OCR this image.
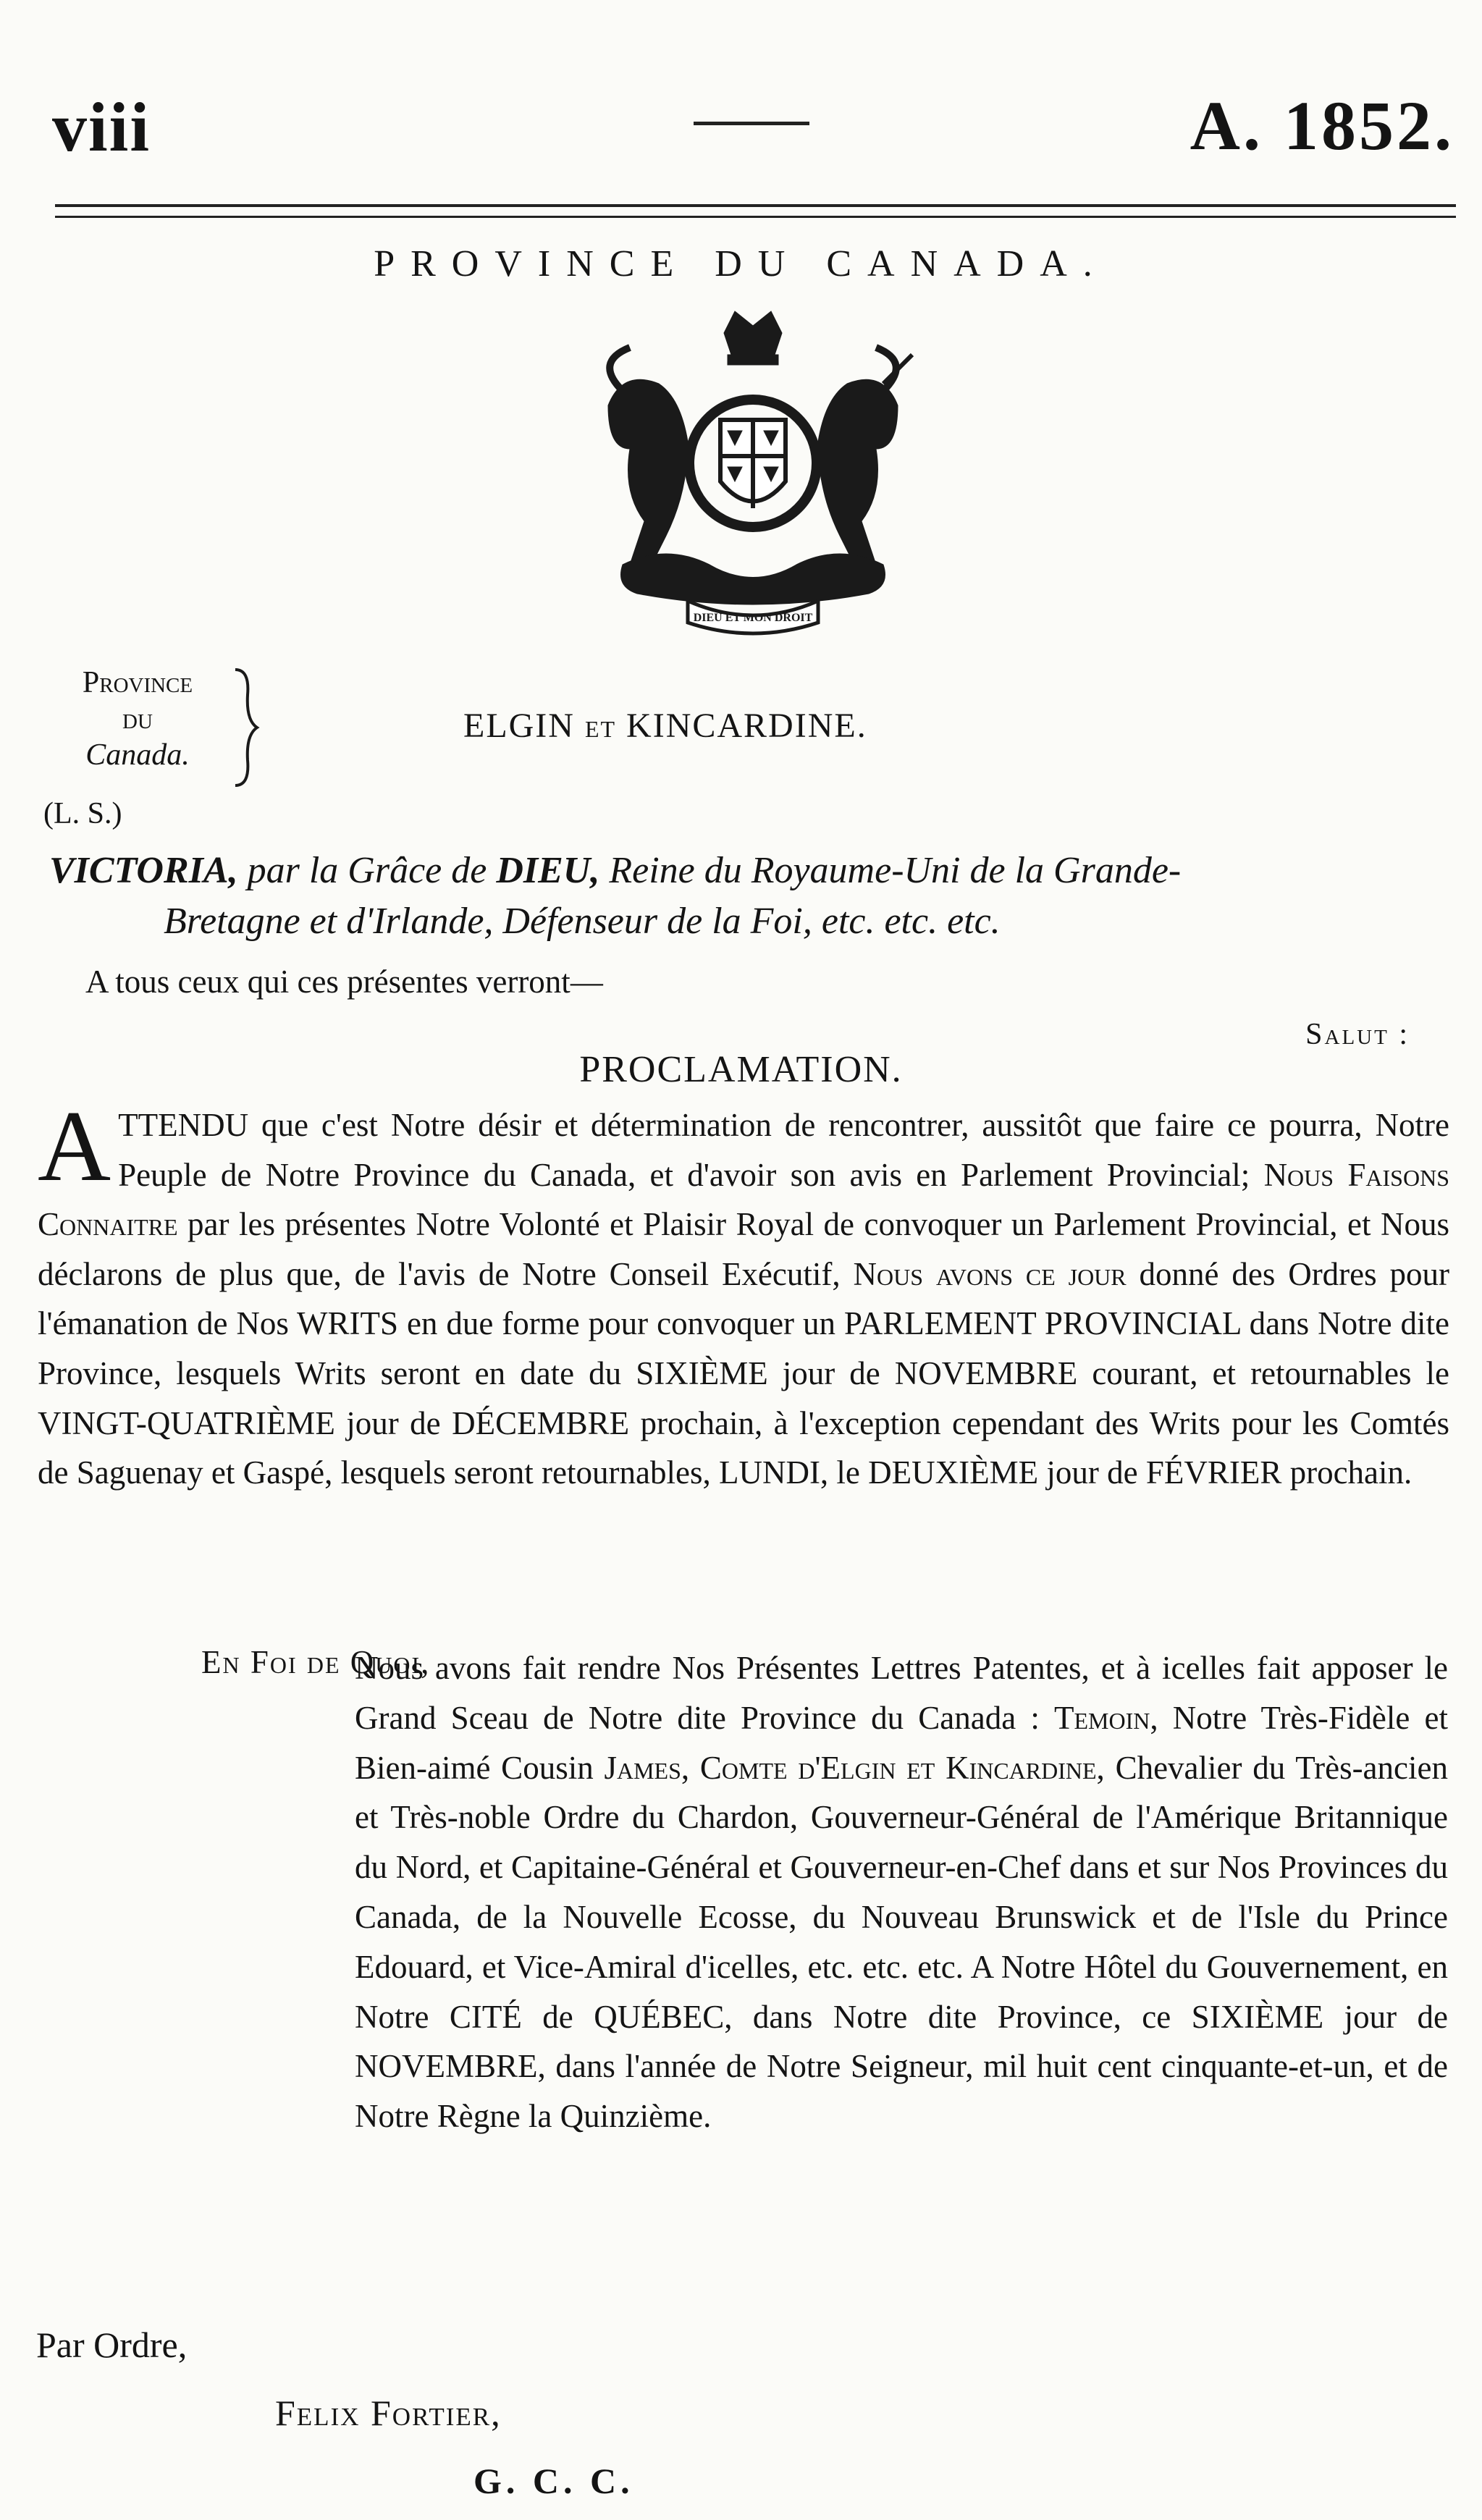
viii	A. 1852.
PROVINCE DU CANADA.
DIEU ET MON DROIT
Province
du
Canada.
(L. S.)
ELGIN ET KINCARDINE.
VICTORIA, par la Grâce de DIEU, Reine du Royaume-Uni de la Grande-
Bretagne et d'Irlande, Défenseur de la Foi, etc. etc. etc.
A tous ceux qui ces présentes verront—
Salut :
PROCLAMATION.
ATTENDU que c'est Notre désir et détermination de rencontrer, aussitôt que faire ce pourra, Notre Peuple de Notre Province du Canada, et d'avoir son avis en Parlement Provincial; Nous Faisons Connaitre par les présentes Notre Volonté et Plaisir Royal de convoquer un Parlement Provincial, et Nous déclarons de plus que, de l'avis de Notre Conseil Exécutif, Nous avons ce jour donné des Ordres pour l'émanation de Nos WRITS en due forme pour convoquer un PARLEMENT PROVINCIAL dans Notre dite Province, lesquels Writs seront en date du SIXIÈME jour de NOVEMBRE courant, et retournables le VINGT-QUATRIÈME jour de DÉCEMBRE prochain, à l'exception cependant des Writs pour les Comtés de Saguenay et Gaspé, lesquels seront retournables, LUNDI, le DEUXIÈME jour de FÉVRIER prochain.
En Foi de Quoi,
Nous avons fait rendre Nos Présentes Lettres Patentes, et à icelles fait apposer le Grand Sceau de Notre dite Province du Canada : Temoin, Notre Très-Fidèle et Bien-aimé Cousin James, Comte d'Elgin et Kincardine, Chevalier du Très-ancien et Très-noble Ordre du Chardon, Gouverneur-Général de l'Amérique Britannique du Nord, et Capitaine-Général et Gouverneur-en-Chef dans et sur Nos Provinces du Canada, de la Nouvelle Ecosse, du Nouveau Brunswick et de l'Isle du Prince Edouard, et Vice-Amiral d'icelles, etc. etc. etc. A Notre Hôtel du Gouvernement, en Notre CITÉ de QUÉBEC, dans Notre dite Province, ce SIXIÈME jour de NOVEMBRE, dans l'année de Notre Seigneur, mil huit cent cinquante-et-un, et de Notre Règne la Quinzième.
Par Ordre,
Felix Fortier,
G. C. C.
